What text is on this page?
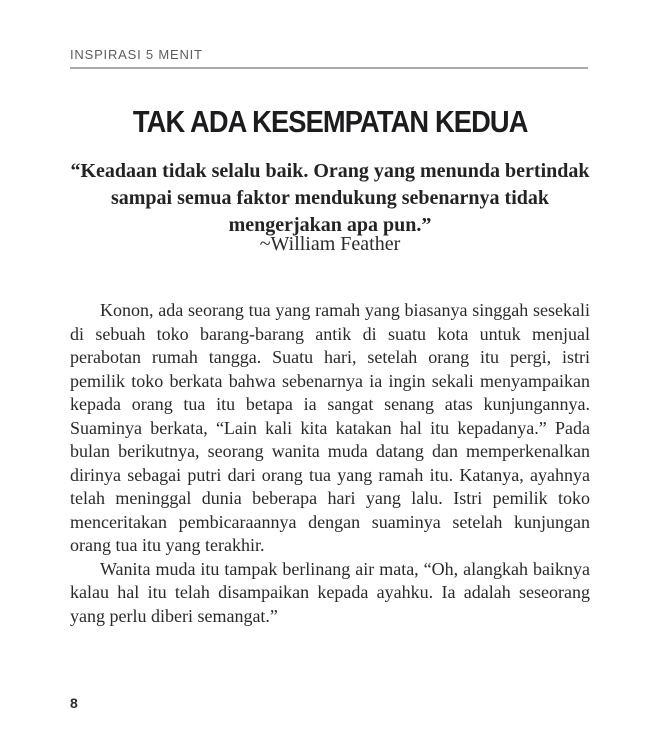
INSPIRASI 5 MENIT
TAK ADA KESEMPATAN KEDUA
“Keadaan tidak selalu baik. Orang yang menunda bertindak sampai semua faktor mendukung sebenarnya tidak mengerjakan apa pun.”
~William Feather

Konon, ada seorang tua yang ramah yang biasanya singgah sesekali di sebuah toko barang-barang antik di suatu kota untuk menjual perabotan rumah tangga. Suatu hari, setelah orang itu pergi, istri pemilik toko berkata bahwa sebenarnya ia ingin sekali menyampaikan kepada orang tua itu betapa ia sangat senang atas kunjungannya. Suaminya berkata, “Lain kali kita katakan hal itu kepadanya.” Pada bulan berikutnya, seorang wanita muda datang dan memperkenalkan dirinya sebagai putri dari orang tua yang ramah itu. Katanya, ayahnya telah meninggal dunia beberapa hari yang lalu. Istri pemilik toko menceritakan pembicaraannya dengan suaminya setelah kunjungan orang tua itu yang terakhir.

Wanita muda itu tampak berlinang air mata, “Oh, alangkah baiknya kalau hal itu telah disampaikan kepada ayahku. Ia adalah seseorang yang perlu diberi semangat.”

8
